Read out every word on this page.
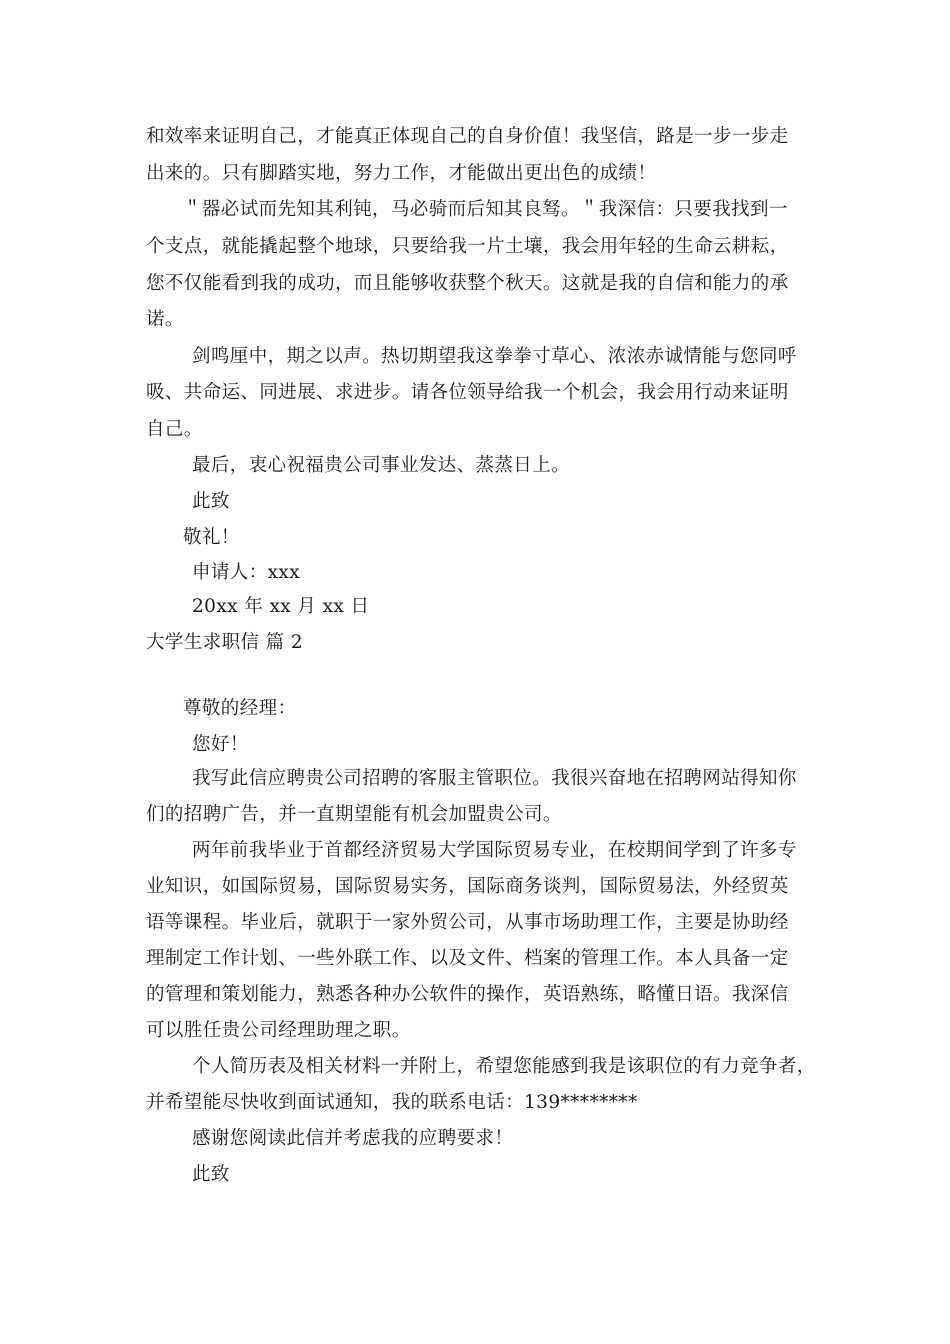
和效率来证明自己，才能真正体现自己的自身价值！我坚信，路是一步一步走
出来的。只有脚踏实地，努力工作，才能做出更出色的成绩！
＂器必试而先知其利钝，马必骑而后知其良驽。＂我深信：只要我找到一
个支点，就能撬起整个地球，只要给我一片土壤，我会用年轻的生命云耕耘，
您不仅能看到我的成功，而且能够收获整个秋天。这就是我的自信和能力的承
诺。
剑鸣厘中，期之以声。热切期望我这拳拳寸草心、浓浓赤诚情能与您同呼
吸、共命运、同进展、求进步。请各位领导给我一个机会，我会用行动来证明
自己。
最后，衷心祝福贵公司事业发达、蒸蒸日上。
此致
敬礼！
申请人：xxx
20xx 年 xx 月 xx 日
大学生求职信 篇 2
尊敬的经理：
您好！
我写此信应聘贵公司招聘的客服主管职位。我很兴奋地在招聘网站得知你
们的招聘广告，并一直期望能有机会加盟贵公司。
两年前我毕业于首都经济贸易大学国际贸易专业，在校期间学到了许多专
业知识，如国际贸易，国际贸易实务，国际商务谈判，国际贸易法，外经贸英
语等课程。毕业后，就职于一家外贸公司，从事市场助理工作，主要是协助经
理制定工作计划、一些外联工作、以及文件、档案的管理工作。本人具备一定
的管理和策划能力，熟悉各种办公软件的操作，英语熟练，略懂日语。我深信
可以胜任贵公司经理助理之职。
个人简历表及相关材料一并附上，希望您能感到我是该职位的有力竞争者，
并希望能尽快收到面试通知，我的联系电话：139********
感谢您阅读此信并考虑我的应聘要求！
此致
